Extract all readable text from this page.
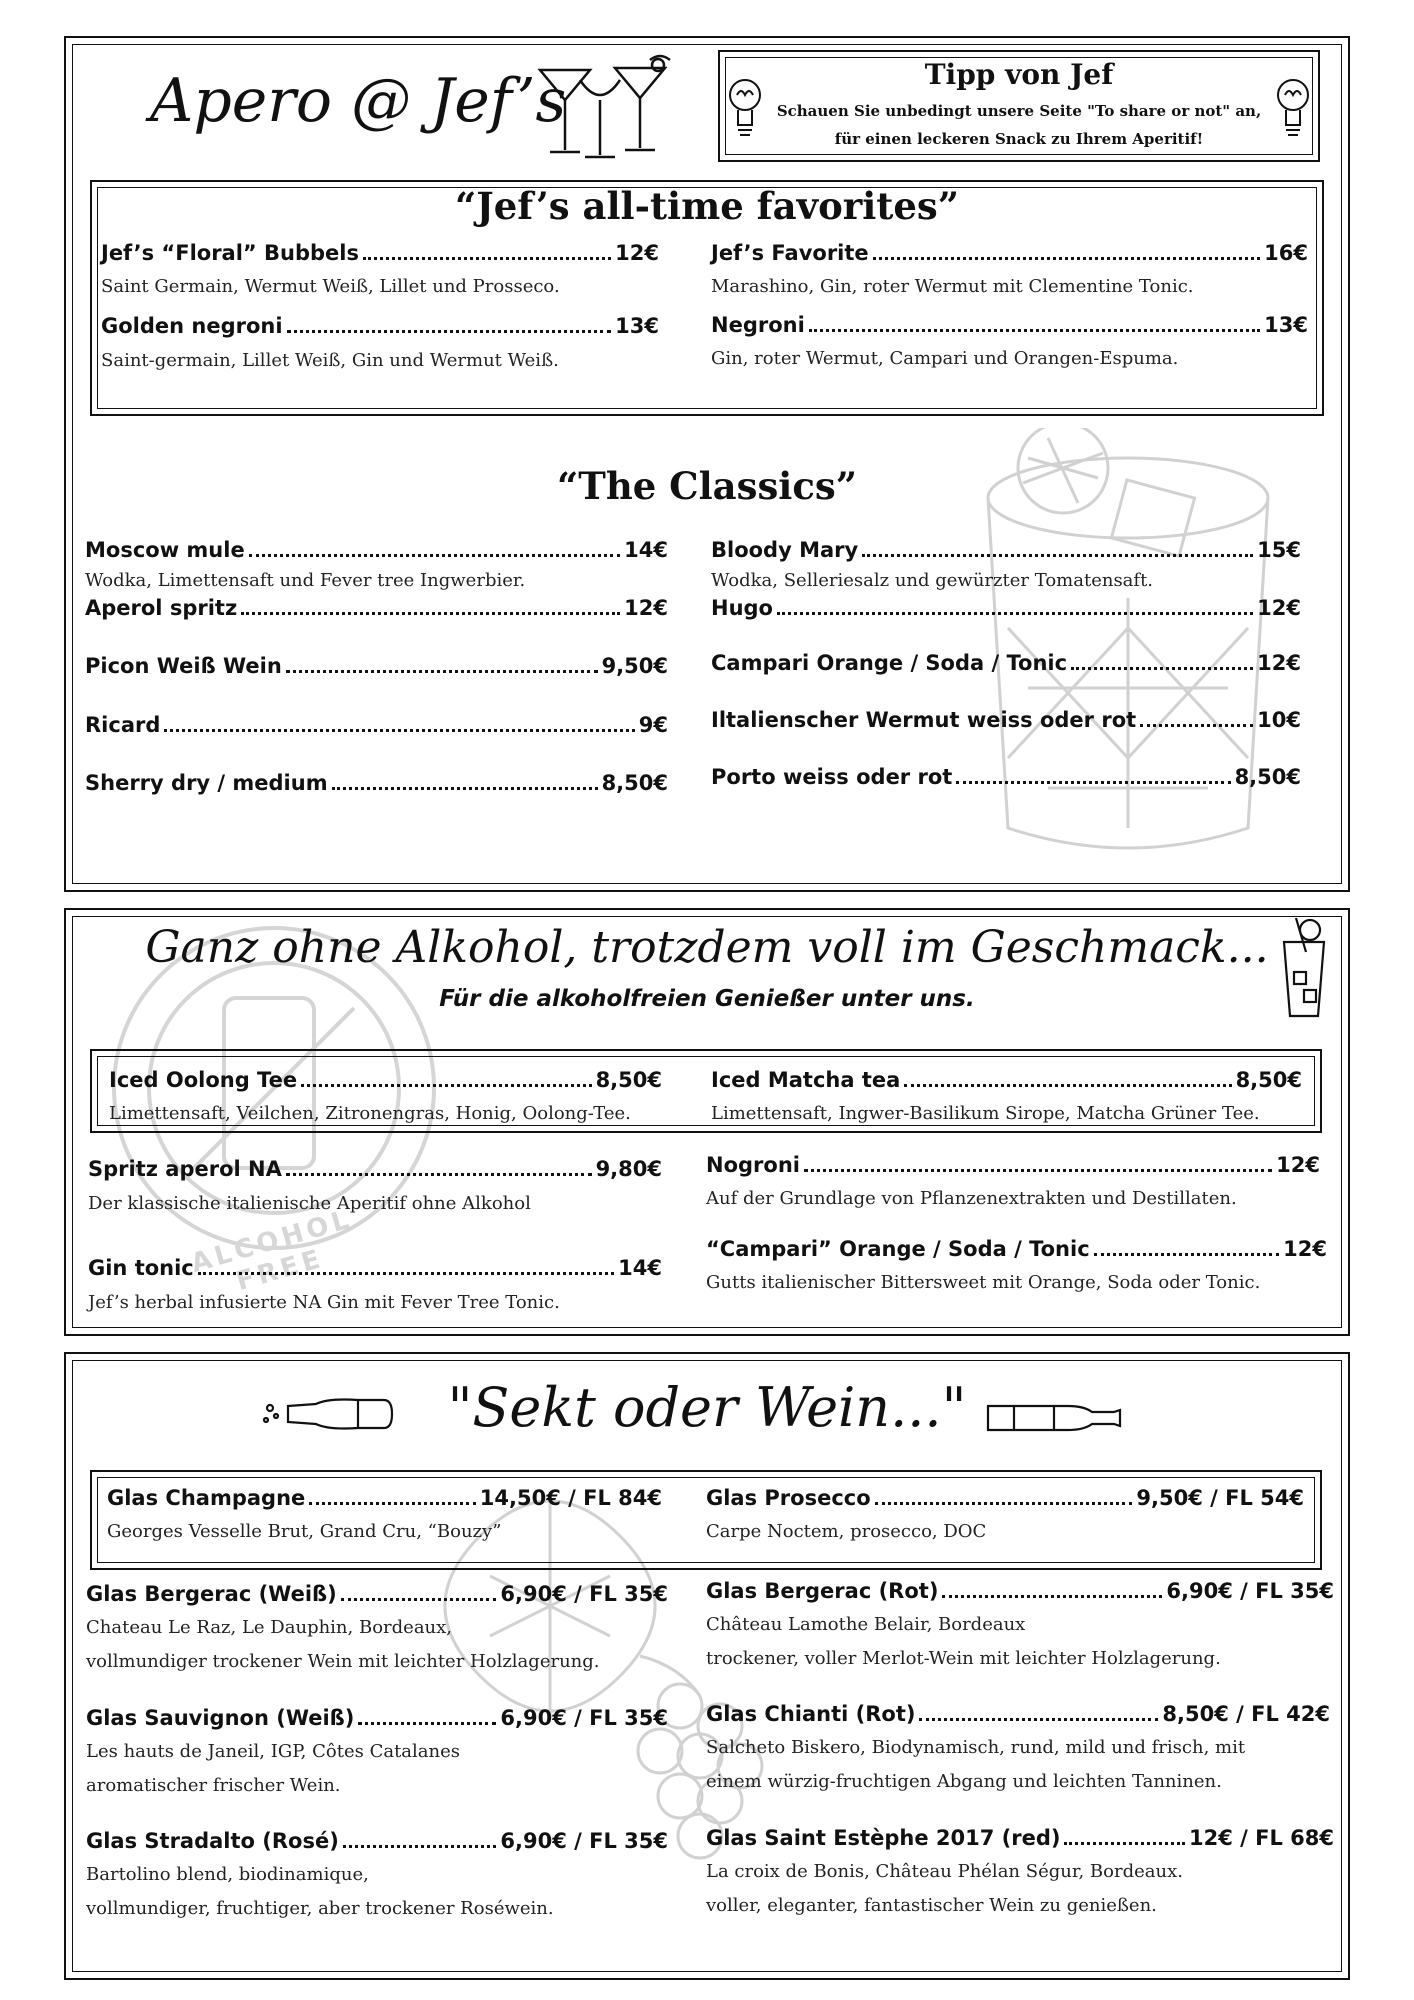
Apero @ Jef’s	Tipp von Jef
Schauen Sie unbedingt unsere Seite "To share or not" an,
für einen leckeren Snack zu Ihrem Aperitif!
“Jef’s all-time favorites”
Jef’s “Floral” Bubbels	12€
Saint Germain, Wermut Weiß, Lillet und Prosseco.
Golden negroni	13€
Saint-germain, Lillet Weiß, Gin und Wermut Weiß.
Jef’s Favorite	16€
Marashino, Gin, roter Wermut mit Clementine Tonic.
Negroni	13€
Gin, roter Wermut, Campari und Orangen-Espuma.
“The Classics”
Moscow mule	14€
Wodka, Limettensaft und Fever tree Ingwerbier.
Aperol spritz	12€
Picon Weiß Wein	9,50€
Ricard	9€
Sherry dry / medium	8,50€
Bloody Mary	15€
Wodka, Selleriesalz und gewürzter Tomatensaft.
Hugo	12€
Campari Orange / Soda / Tonic	12€
Iltalienscher Wermut weiss oder rot	10€
Porto weiss oder rot	8,50€
ALCOHOL FREE
Ganz ohne Alkohol, trotzdem voll im Geschmack...
Für die alkoholfreien Genießer unter uns.
Iced Oolong Tee	8,50€
Limettensaft, Veilchen, Zitronengras, Honig, Oolong-Tee.
Iced Matcha tea	8,50€
Limettensaft, Ingwer-Basilikum Sirope, Matcha Grüner Tee.
Spritz aperol NA	9,80€
Der klassische italienische Aperitif ohne Alkohol
Gin tonic	14€
Jef’s herbal infusierte NA Gin mit Fever Tree Tonic.
Nogroni	12€
Auf der Grundlage von Pflanzenextrakten und Destillaten.
“Campari” Orange / Soda / Tonic	12€
Gutts italienischer Bittersweet mit Orange, Soda oder Tonic.
"Sekt oder Wein..."
Glas Champagne	14,50€ / FL 84€
Georges Vesselle Brut, Grand Cru, “Bouzy”
Glas Prosecco	9,50€ / FL 54€
Carpe Noctem, prosecco, DOC
Glas Bergerac (Weiß)	6,90€ / FL 35€
Chateau Le Raz, Le Dauphin, Bordeaux,
vollmundiger trockener Wein mit leichter Holzlagerung.
Glas Sauvignon (Weiß)	6,90€ / FL 35€
Les hauts de Janeil, IGP, Côtes Catalanes
aromatischer frischer Wein.
Glas Stradalto (Rosé)	6,90€ / FL 35€
Bartolino blend, biodinamique,
vollmundiger, fruchtiger, aber trockener Roséwein.
Glas Bergerac (Rot)	6,90€ / FL 35€
Château Lamothe Belair, Bordeaux
trockener, voller Merlot-Wein mit leichter Holzlagerung.
Glas Chianti (Rot)	8,50€ / FL 42€
Salcheto Biskero, Biodynamisch, rund, mild und frisch, mit
einem würzig-fruchtigen Abgang und leichten Tanninen.
Glas Saint Estèphe 2017 (red)	12€ / FL 68€
La croix de Bonis, Château Phélan Ségur, Bordeaux.
voller, eleganter, fantastischer Wein zu genießen.
